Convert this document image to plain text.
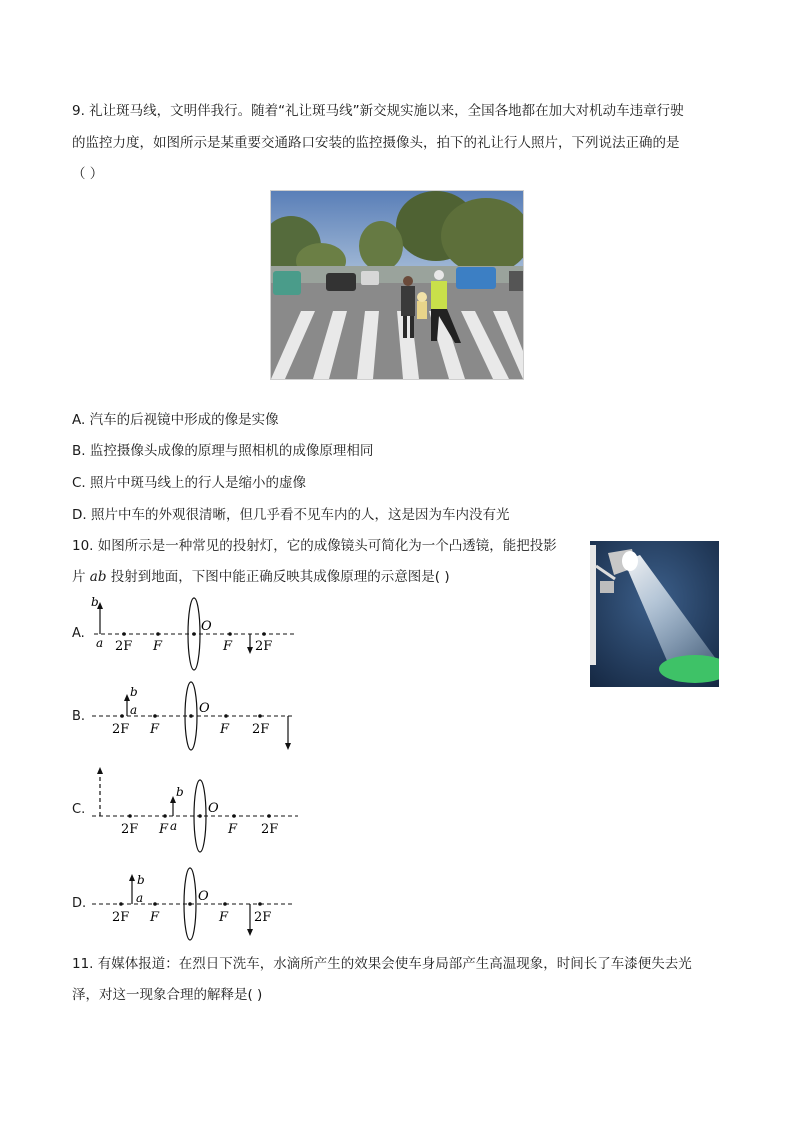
9. 礼让斑马线，文明伴我行。随着“礼让斑马线”新交规实施以来，全国各地都在加大对机动车违章行驶
的监控力度，如图所示是某重要交通路口安装的监控摄像头，拍下的礼让行人照片，下列说法正确的是
（ ）
A. 汽车的后视镜中形成的像是实像
B. 监控摄像头成像的原理与照相机的成像原理相同
C. 照片中斑马线上的行人是缩小的虚像
D. 照片中车的外观很清晰，但几乎看不见车内的人，这是因为车内没有光
10. 如图所示是一种常见的投射灯，它的成像镜头可简化为一个凸透镜，能把投影
片 ab 投射到地面，下图中能正确反映其成像原理的示意图是( )
A.
b
a 2F F
O
F 2F
B.
b
a
2F F
O
F 2F
C.
b
a
2F F
O
F 2F
D.
b
a
2F F
O
F 2F
11. 有媒体报道：在烈日下洗车，水滴所产生的效果会使车身局部产生高温现象，时间长了车漆便失去光
泽，对这一现象合理的解释是( )
